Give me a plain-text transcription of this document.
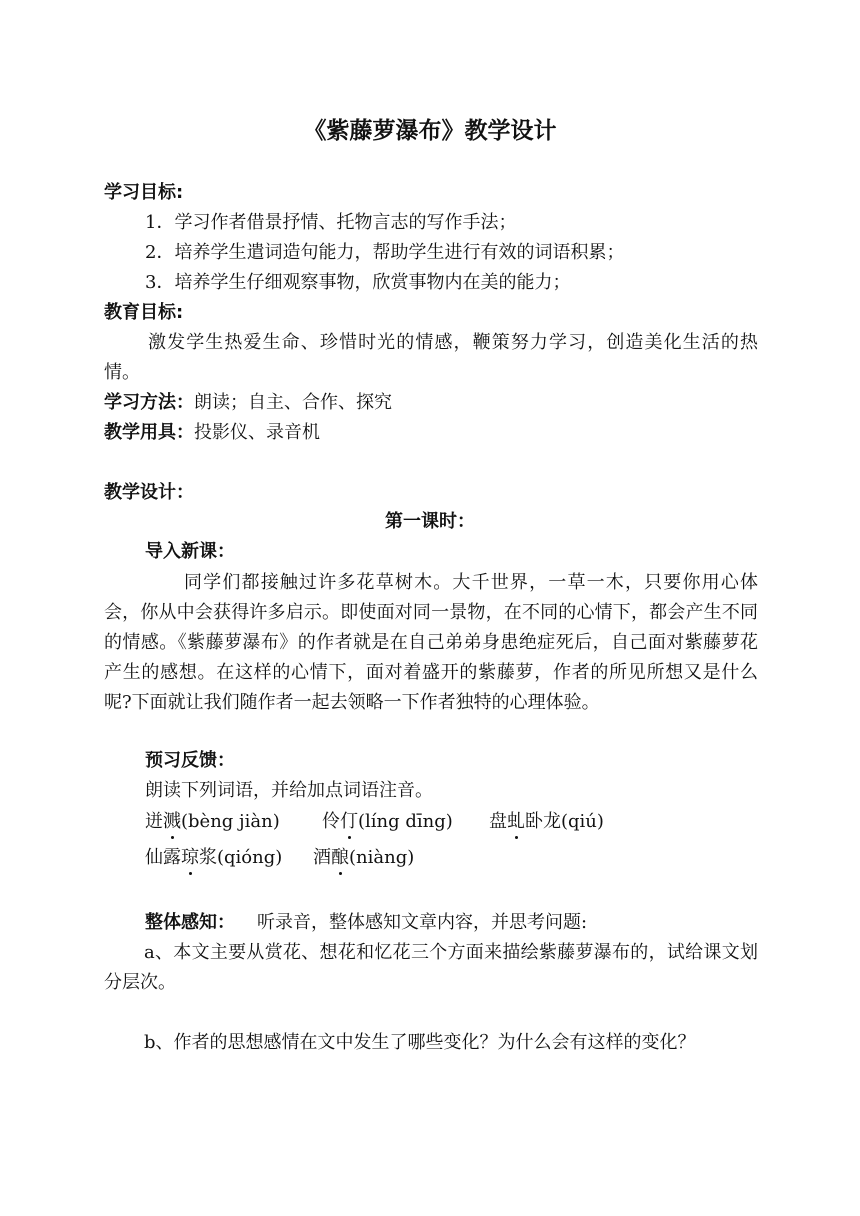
《紫藤萝瀑布》教学设计
学习目标:
1．学习作者借景抒情、托物言志的写作手法；
2．培养学生遣词造句能力，帮助学生进行有效的词语积累；
3．培养学生仔细观察事物，欣赏事物内在美的能力；
教育目标:
激发学生热爱生命、珍惜时光的情感，鞭策努力学习，创造美化生活的热情。
学习方法：朗读；自主、合作、探究
教学用具：投影仪、录音机
教学设计：
第一课时：
导入新课：
同学们都接触过许多花草树木。大千世界，一草一木，只要你用心体会，你从中会获得许多启示。即使面对同一景物，在不同的心情下，都会产生不同的情感。《紫藤萝瀑布》的作者就是在自己弟弟身患绝症死后，自己面对紫藤萝花产生的感想。在这样的心情下，面对着盛开的紫藤萝，作者的所见所想又是什么呢?下面就让我们随作者一起去领略一下作者独特的心理体验。
预习反馈：
朗读下列词语，并给加点词语注音。
迸溅(bèng jiàn) 伶仃(líng dīng) 盘虬卧龙(qiú)
仙露琼浆(qióng) 酒酿(niàng)
整体感知： 听录音，整体感知文章内容，并思考问题:
a、本文主要从赏花、想花和忆花三个方面来描绘紫藤萝瀑布的，试给课文划分层次。
b、作者的思想感情在文中发生了哪些变化？为什么会有这样的变化？
